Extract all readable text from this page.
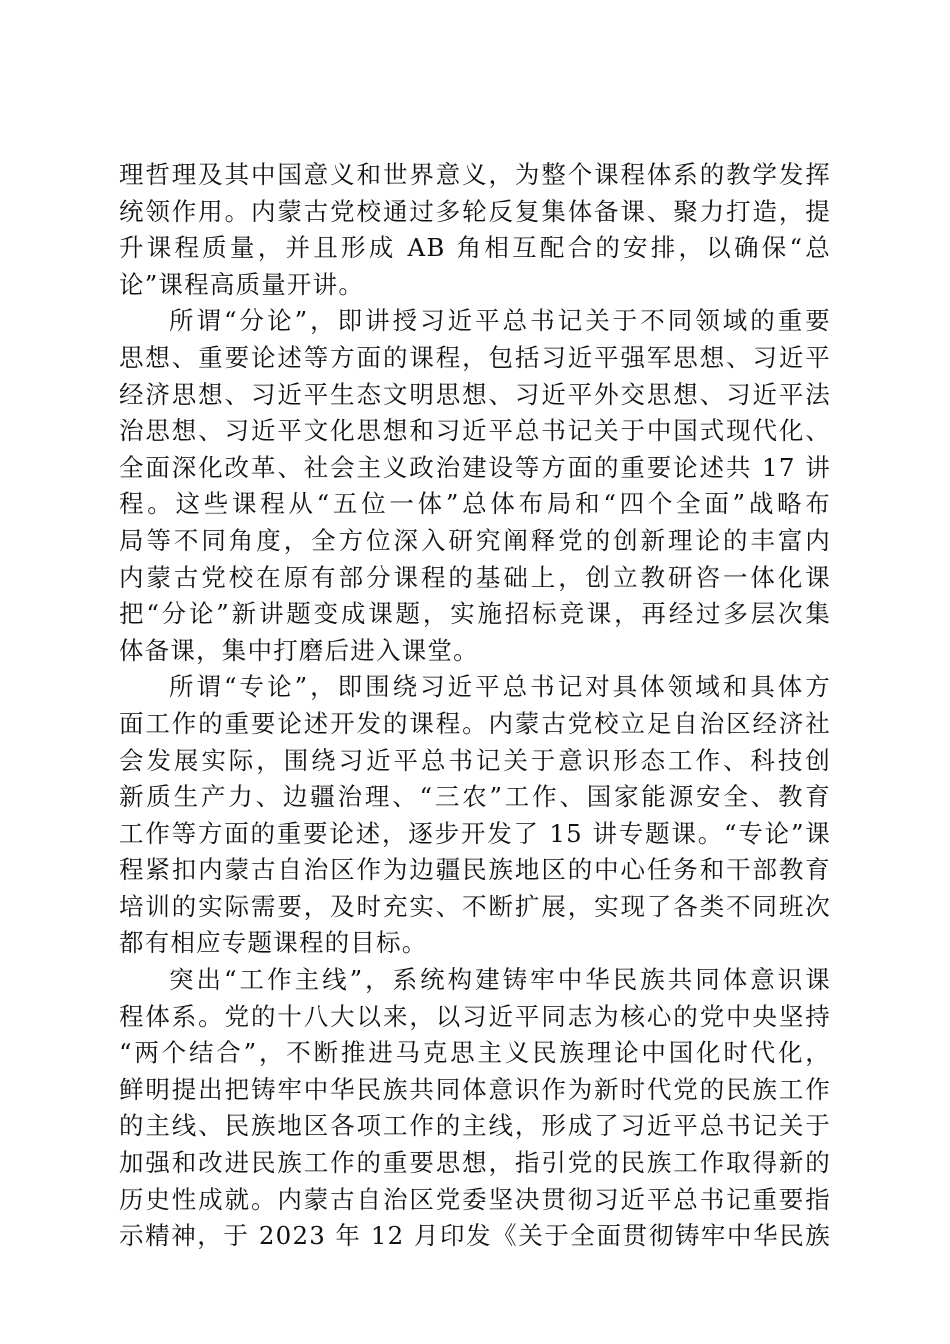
理哲理及其中国意义和世界意义，为整个课程体系的教学发挥
统领作用。内蒙古党校通过多轮反复集体备课、聚力打造，提
升课程质量，并且形成 AB 角相互配合的安排，以确保“总
论”课程高质量开讲。
所谓“分论”，即讲授习近平总书记关于不同领域的重要
思想、重要论述等方面的课程，包括习近平强军思想、习近平
经济思想、习近平生态文明思想、习近平外交思想、习近平法
治思想、习近平文化思想和习近平总书记关于中国式现代化、
全面深化改革、社会主义政治建设等方面的重要论述共 17 讲
程。这些课程从“五位一体”总体布局和“四个全面”战略布
局等不同角度，全方位深入研究阐释党的创新理论的丰富内
内蒙古党校在原有部分课程的基础上，创立教研咨一体化课
把“分论”新讲题变成课题，实施招标竞课，再经过多层次集
体备课，集中打磨后进入课堂。
所谓“专论”，即围绕习近平总书记对具体领域和具体方
面工作的重要论述开发的课程。内蒙古党校立足自治区经济社
会发展实际，围绕习近平总书记关于意识形态工作、科技创
新质生产力、边疆治理、“三农”工作、国家能源安全、教育
工作等方面的重要论述，逐步开发了 15 讲专题课。“专论”课
程紧扣内蒙古自治区作为边疆民族地区的中心任务和干部教育
培训的实际需要，及时充实、不断扩展，实现了各类不同班次
都有相应专题课程的目标。
突出“工作主线”，系统构建铸牢中华民族共同体意识课
程体系。党的十八大以来，以习近平同志为核心的党中央坚持
“两个结合”，不断推进马克思主义民族理论中国化时代化，
鲜明提出把铸牢中华民族共同体意识作为新时代党的民族工作
的主线、民族地区各项工作的主线，形成了习近平总书记关于
加强和改进民族工作的重要思想，指引党的民族工作取得新的
历史性成就。内蒙古自治区党委坚决贯彻习近平总书记重要指
示精神，于 2023 年 12 月印发《关于全面贯彻铸牢中华民族
